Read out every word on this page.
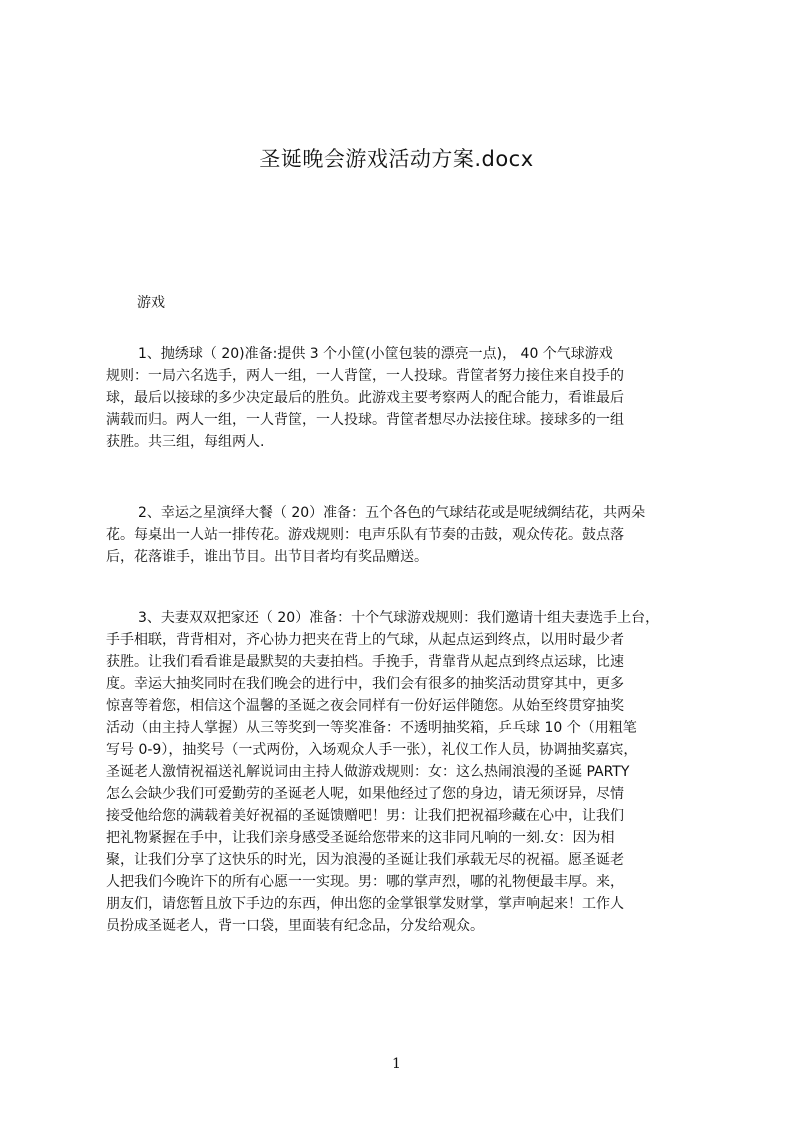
圣诞晚会游戏活动方案.docx
游戏
1、抛绣球（ 20)准备:提供 3 个小筐(小筐包装的漂亮一点)， 40 个气球游戏
规则：一局六名选手，两人一组，一人背筐，一人投球。背筐者努力接住来自投手的
球，最后以接球的多少决定最后的胜负。此游戏主要考察两人的配合能力，看谁最后
满载而归。两人一组，一人背筐，一人投球。背筐者想尽办法接住球。接球多的一组
获胜。共三组，每组两人.
2、幸运之星演绎大餐（ 20）准备：五个各色的气球结花或是呢绒绸结花，共两朵
花。每桌出一人站一排传花。游戏规则：电声乐队有节奏的击鼓，观众传花。鼓点落
后，花落谁手，谁出节目。出节目者均有奖品赠送。
3、夫妻双双把家还（ 20）准备：十个气球游戏规则：我们邀请十组夫妻选手上台，
手手相联，背背相对，齐心协力把夹在背上的气球，从起点运到终点，以用时最少者
获胜。让我们看看谁是最默契的夫妻拍档。手挽手，背靠背从起点到终点运球，比速
度。幸运大抽奖同时在我们晚会的进行中，我们会有很多的抽奖活动贯穿其中，更多
惊喜等着您，相信这个温馨的圣诞之夜会同样有一份好运伴随您。从始至终贯穿抽奖
活动（由主持人掌握）从三等奖到一等奖准备：不透明抽奖箱，乒乓球 10 个（用粗笔
写号 0-9），抽奖号（一式两份，入场观众人手一张），礼仪工作人员，协调抽奖嘉宾，
圣诞老人激情祝福送礼解说词由主持人做游戏规则：女：这么热闹浪漫的圣诞 PARTY
怎么会缺少我们可爱勤劳的圣诞老人呢，如果他经过了您的身边，请无须讶异，尽情
接受他给您的满载着美好祝福的圣诞馈赠吧！男：让我们把祝福珍藏在心中，让我们
把礼物紧握在手中，让我们亲身感受圣诞给您带来的这非同凡响的一刻.女：因为相
聚，让我们分享了这快乐的时光，因为浪漫的圣诞让我们承载无尽的祝福。愿圣诞老
人把我们今晚许下的所有心愿一一实现。男：哪的掌声烈，哪的礼物便最丰厚。来，
朋友们，请您暂且放下手边的东西，伸出您的金掌银掌发财掌，掌声响起来！工作人
员扮成圣诞老人，背一口袋，里面装有纪念品，分发给观众。
1
